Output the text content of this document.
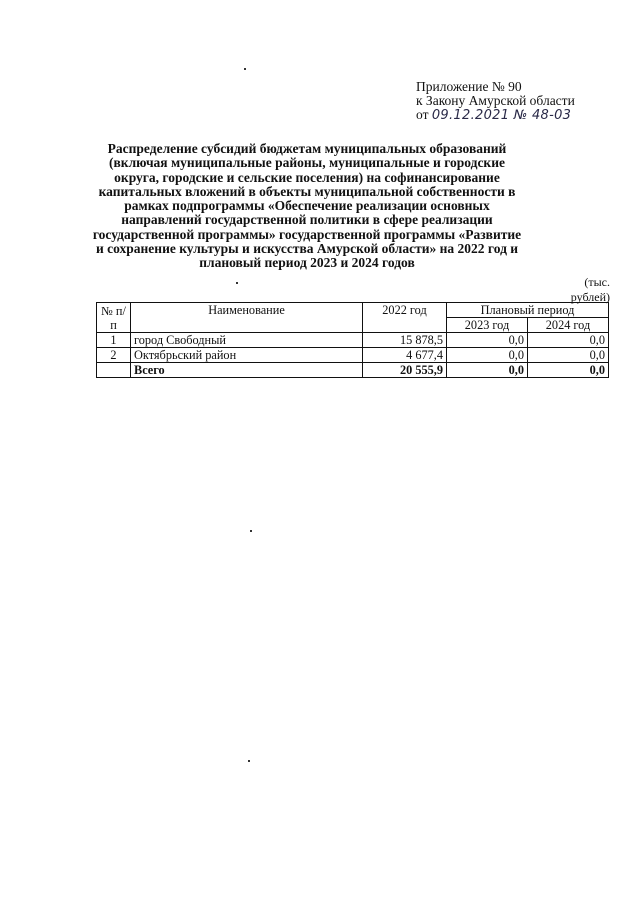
Приложение № 90
к Закону Амурской области
от 09.12.2021 № 48-03
Распределение субсидий бюджетам муниципальных образований (включая муниципальные районы, муниципальные и городские округа, городские и сельские поселения) на софинансирование капитальных вложений в объекты муниципальной собственности в рамках подпрограммы «Обеспечение реализации основных направлений государственной политики в сфере реализации государственной программы» государственной программы «Развитие и сохранение культуры и искусства Амурской области» на 2022 год и плановый период 2023 и 2024 годов
(тыс. рублей)
№ п/п	Наименование	2022 год	Плановый период	
			2023 год	2024 год
1	город Свободный	15 878,5	0,0	0,0
2	Октябрьский район	4 677,4	0,0	0,0
	Всего	20 555,9	0,0	0,0
